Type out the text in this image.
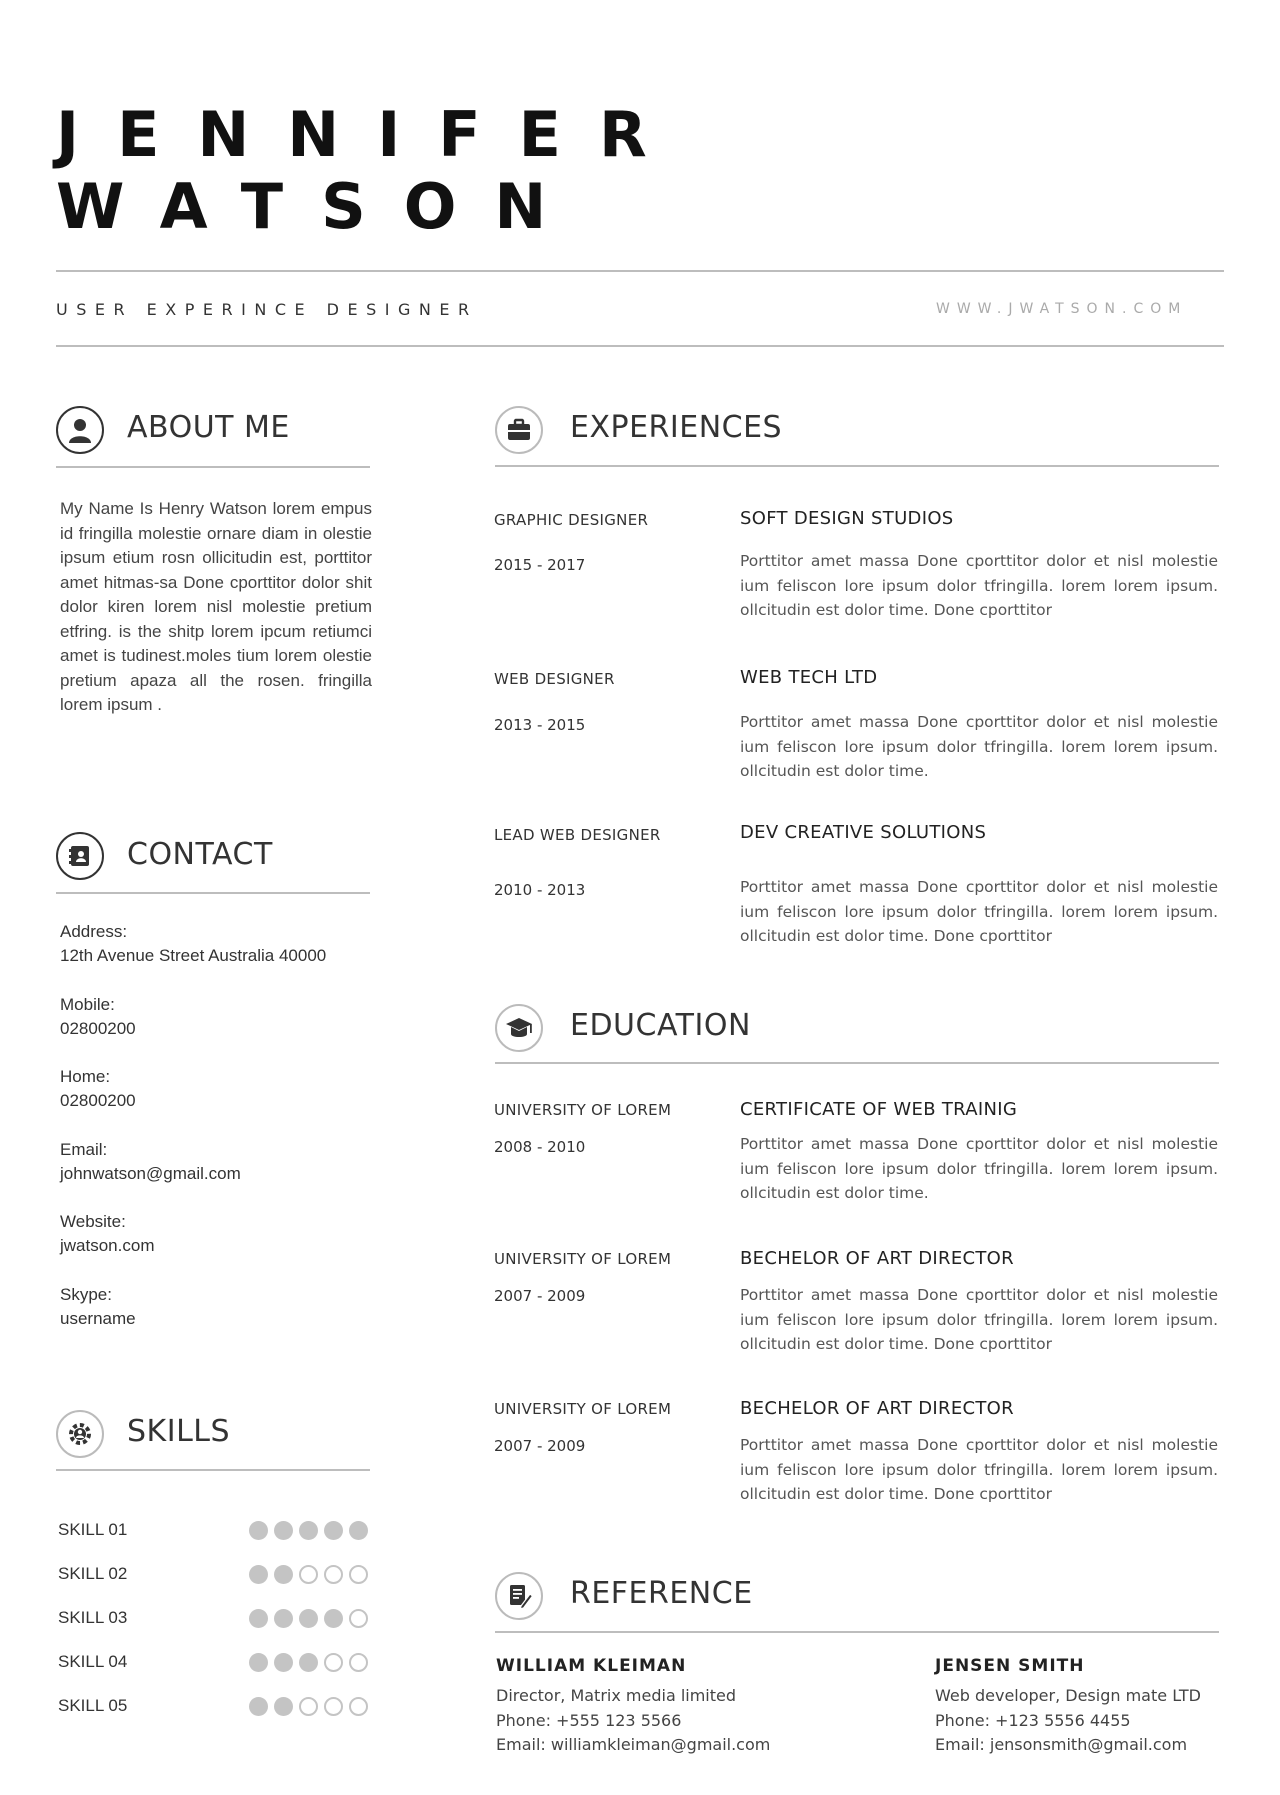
JENNIFER
WATSON
USER EXPERINCE DESIGNER	WWW.JWATSON.COM
ABOUT ME
My Name Is Henry Watson lorem empus id fringilla molestie ornare diam in olestie ipsum etium rosn ollicitudin est, porttitor amet hitmas-sa Done cporttitor dolor shit dolor kiren lorem nisl molestie pretium etfring. is the shitp lorem ipcum retiumci amet is tudinest.moles tium lorem olestie pretium apaza all the rosen. fringilla lorem ipsum .
CONTACT
Address:
12th Avenue Street Australia 40000
Mobile:
02800200
Home:
02800200
Email:
johnwatson@gmail.com
Website:
jwatson.com
Skype:
username
SKILLS
SKILL 01
SKILL 02
SKILL 03
SKILL 04
SKILL 05
EXPERIENCES
GRAPHIC DESIGNER
2015 - 2017
SOFT DESIGN STUDIOS
Porttitor amet massa Done cporttitor dolor et nisl molestie ium feliscon lore ipsum dolor tfringilla. lorem lorem ipsum. ollcitudin est dolor time. Done cporttitor
WEB DESIGNER
2013 - 2015
WEB TECH LTD
Porttitor amet massa Done cporttitor dolor et nisl molestie ium feliscon lore ipsum dolor tfringilla. lorem lorem ipsum. ollcitudin est dolor time.
LEAD WEB DESIGNER
2010 - 2013
DEV CREATIVE SOLUTIONS
Porttitor amet massa Done cporttitor dolor et nisl molestie ium feliscon lore ipsum dolor tfringilla. lorem lorem ipsum. ollcitudin est dolor time. Done cporttitor
EDUCATION
UNIVERSITY OF LOREM
2008 - 2010
CERTIFICATE OF WEB TRAINIG
Porttitor amet massa Done cporttitor dolor et nisl molestie ium feliscon lore ipsum dolor tfringilla. lorem lorem ipsum. ollcitudin est dolor time.
UNIVERSITY OF LOREM
2007 - 2009
BECHELOR OF ART DIRECTOR
Porttitor amet massa Done cporttitor dolor et nisl molestie ium feliscon lore ipsum dolor tfringilla. lorem lorem ipsum. ollcitudin est dolor time. Done cporttitor
UNIVERSITY OF LOREM
2007 - 2009
BECHELOR OF ART DIRECTOR
Porttitor amet massa Done cporttitor dolor et nisl molestie ium feliscon lore ipsum dolor tfringilla. lorem lorem ipsum. ollcitudin est dolor time. Done cporttitor
REFERENCE
WILLIAM KLEIMAN
Director, Matrix media limited
Phone: +555 123 5566
Email: williamkleiman@gmail.com
JENSEN SMITH
Web developer, Design mate LTD
Phone: +123 5556 4455
Email: jensonsmith@gmail.com
